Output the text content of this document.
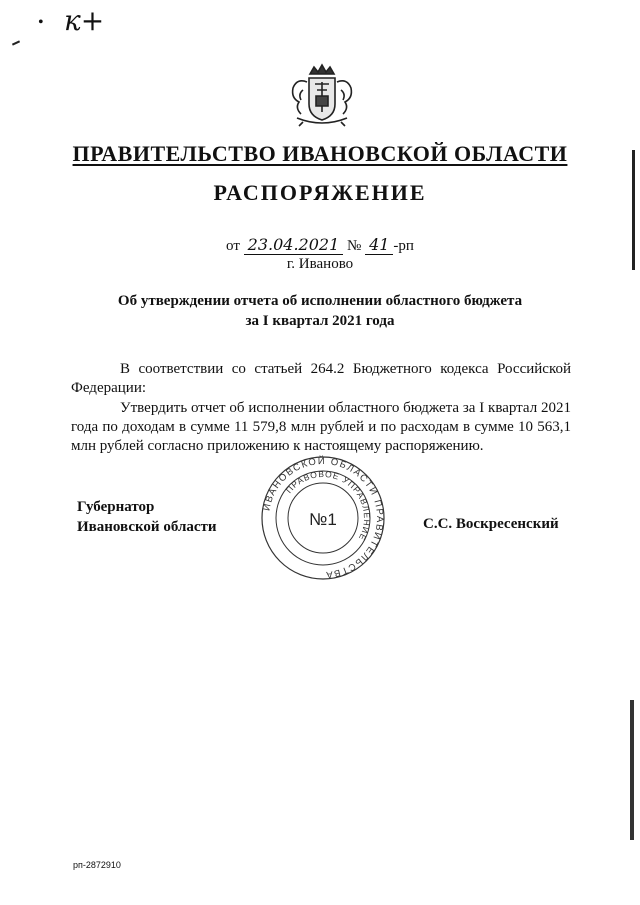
• к+
ПРАВИТЕЛЬСТВО ИВАНОВСКОЙ ОБЛАСТИ
РАСПОРЯЖЕНИЕ
от 23.04.2021 № 41 -рп
г. Иваново
Об утверждении отчета об исполнении областного бюджета
за I квартал 2021 года
В соответствии со статьей 264.2 Бюджетного кодекса Российской Федерации:
Утвердить отчет об исполнении областного бюджета за I квартал 2021 года по доходам в сумме 11 579,8 млн рублей и по расходам в сумме 10 563,1 млн рублей согласно приложению к настоящему распоряжению.
Губернатор
Ивановской области	С.С. Воскресенский
ИВАНОВСКОЙ ОБЛАСТИ ПРАВИТЕЛЬСТВА
ПРАВОВОЕ УПРАВЛЕНИЕ
№1
рп-2872910
